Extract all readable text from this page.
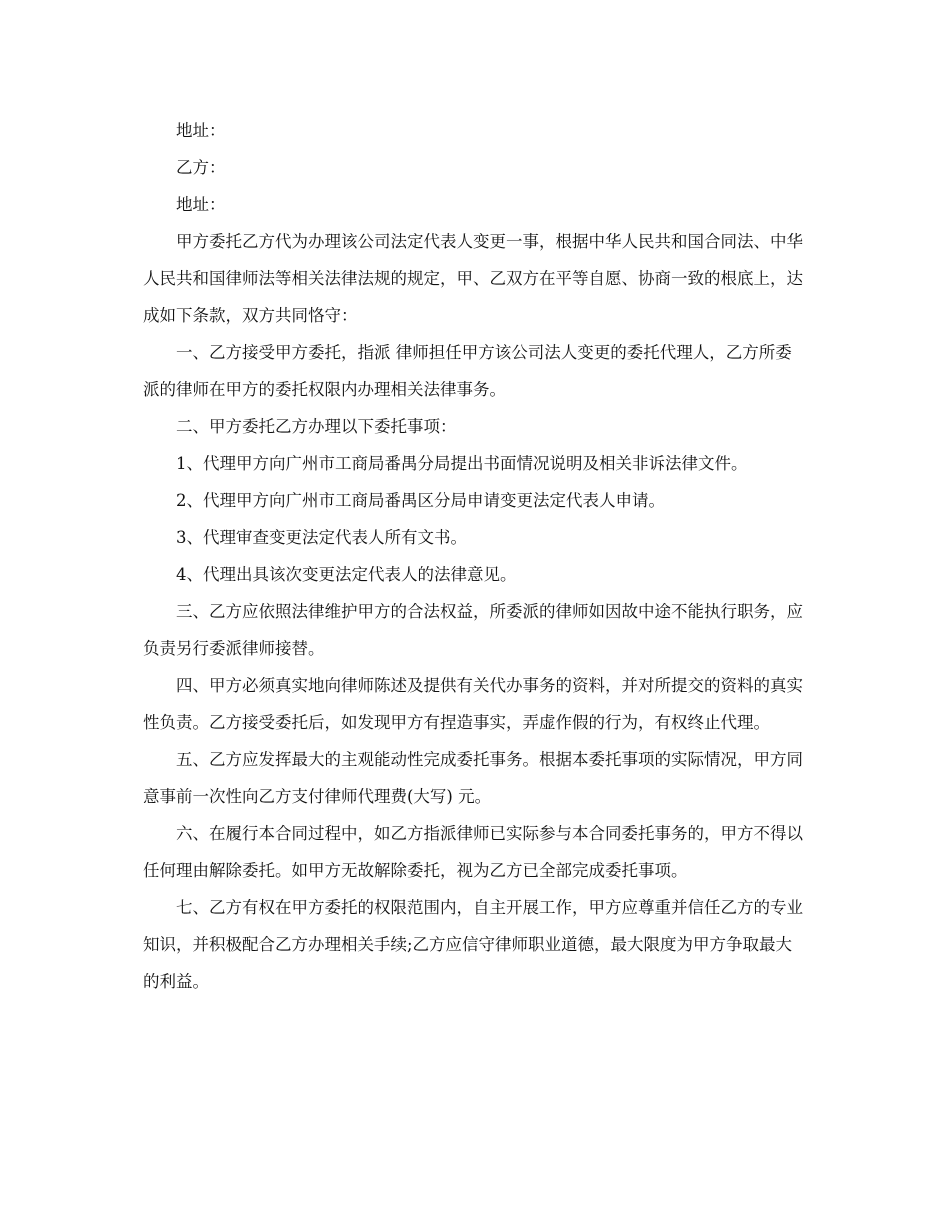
地址：

乙方：

地址：

甲方委托乙方代为办理该公司法定代表人变更一事，根据中华人民共和国合同法、中华人民共和国律师法等相关法律法规的规定，甲、乙双方在平等自愿、协商一致的根底上，达成如下条款，双方共同恪守：

一、乙方接受甲方委托，指派 律师担任甲方该公司法人变更的委托代理人，乙方所委派的律师在甲方的委托权限内办理相关法律事务。

二、甲方委托乙方办理以下委托事项：

1、代理甲方向广州市工商局番禺分局提出书面情况说明及相关非诉法律文件。

2、代理甲方向广州市工商局番禺区分局申请变更法定代表人申请。

3、代理审查变更法定代表人所有文书。

4、代理出具该次变更法定代表人的法律意见。

三、乙方应依照法律维护甲方的合法权益，所委派的律师如因故中途不能执行职务，应负责另行委派律师接替。

四、甲方必须真实地向律师陈述及提供有关代办事务的资料，并对所提交的资料的真实性负责。乙方接受委托后，如发现甲方有捏造事实，弄虚作假的行为，有权终止代理。

五、乙方应发挥最大的主观能动性完成委托事务。根据本委托事项的实际情况，甲方同意事前一次性向乙方支付律师代理费(大写) 元。

六、在履行本合同过程中，如乙方指派律师已实际参与本合同委托事务的，甲方不得以任何理由解除委托。如甲方无故解除委托，视为乙方已全部完成委托事项。

七、乙方有权在甲方委托的权限范围内，自主开展工作，甲方应尊重并信任乙方的专业知识，并积极配合乙方办理相关手续;乙方应信守律师职业道德，最大限度为甲方争取最大的利益。
